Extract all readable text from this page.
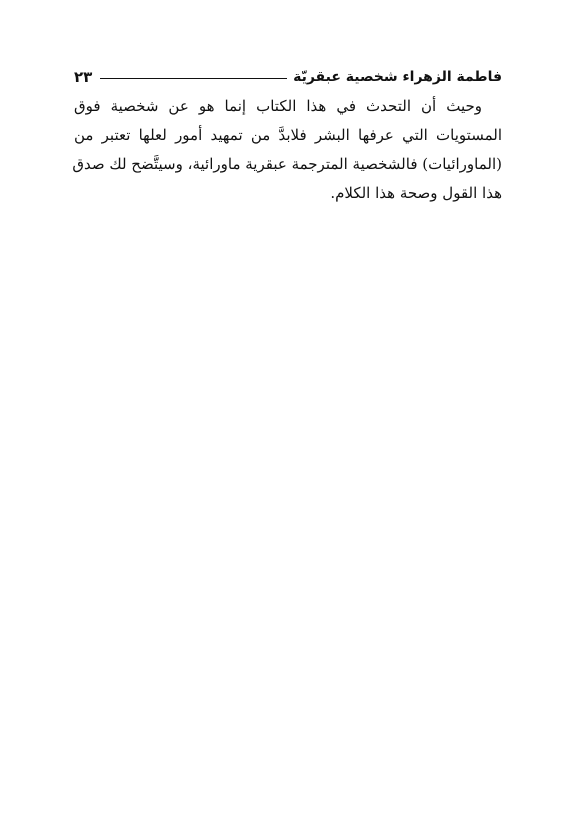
فاطمة الزهراء شخصية عبقريّة
٢٣

وحيث أن التحدث في هذا الكتاب إنما هو عن شخصية فوق
المستويات التي عرفها البشر فلابدَّ من تمهيد أمور لعلها تعتبر من
(الماورائيات) فالشخصية المترجمة عبقرية ماورائية، وسيتَّضح لك صدق
هذا القول وصحة هذا الكلام.
